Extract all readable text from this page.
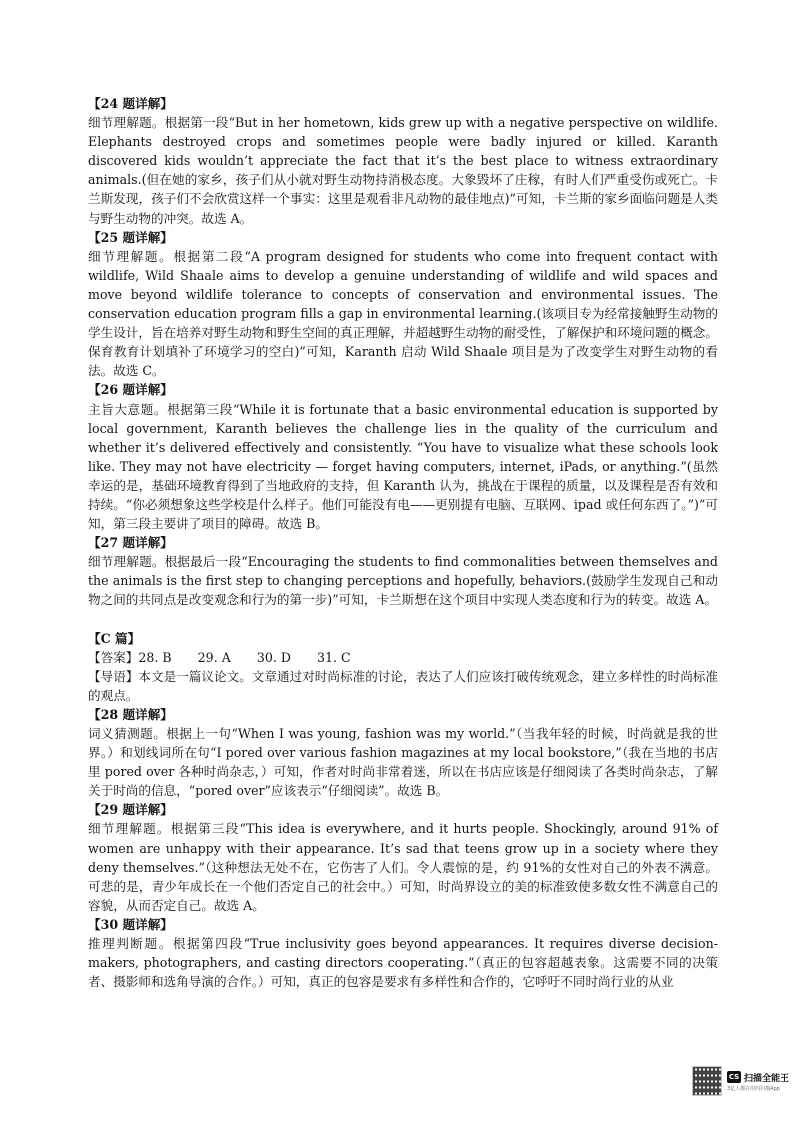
【24 题详解】

细节理解题。根据第一段“But in her hometown, kids grew up with a negative perspective on wildlife. Elephants destroyed crops and sometimes people were badly injured or killed. Karanth discovered kids wouldn’t appreciate the fact that it’s the best place to witness extraordinary animals.(但在她的家乡，孩子们从小就对野生动物持消极态度。大象毁坏了庄稼，有时人们严重受伤或死亡。卡兰斯发现，孩子们不会欣赏这样一个事实：这里是观看非凡动物的最佳地点)”可知，卡兰斯的家乡面临问题是人类与野生动物的冲突。故选 A。

【25 题详解】

细节理解题。根据第二段“A program designed for students who come into frequent contact with wildlife, Wild Shaale aims to develop a genuine understanding of wildlife and wild spaces and move beyond wildlife tolerance to concepts of conservation and environmental issues. The conservation education program fills a gap in environmental learning.(该项目专为经常接触野生动物的学生设计，旨在培养对野生动物和野生空间的真正理解，并超越野生动物的耐受性，了解保护和环境问题的概念。保育教育计划填补了环境学习的空白)”可知，Karanth 启动 Wild Shaale 项目是为了改变学生对野生动物的看法。故选 C。

【26 题详解】

主旨大意题。根据第三段“While it is fortunate that a basic environmental education is supported by local government, Karanth believes the challenge lies in the quality of the curriculum and whether it’s delivered effectively and consistently. “You have to visualize what these schools look like. They may not have electricity — forget having computers, internet, iPads, or anything.”(虽然幸运的是，基础环境教育得到了当地政府的支持，但 Karanth 认为，挑战在于课程的质量，以及课程是否有效和持续。“你必须想象这些学校是什么样子。他们可能没有电——更别提有电脑、互联网、ipad 或任何东西了。”)”可知，第三段主要讲了项目的障碍。故选 B。

【27 题详解】

细节理解题。根据最后一段“Encouraging the students to find commonalities between themselves and the animals is the first step to changing perceptions and hopefully, behaviors.(鼓励学生发现自己和动物之间的共同点是改变观念和行为的第一步)”可知，卡兰斯想在这个项目中实现人类态度和行为的转变。故选 A。

【C 篇】

【答案】28. B 29. A 30. D 31. C

【导语】本文是一篇议论文。文章通过对时尚标准的讨论，表达了人们应该打破传统观念，建立多样性的时尚标准的观点。

【28 题详解】

词义猜测题。根据上一句“When I was young, fashion was my world.”（当我年轻的时候，时尚就是我的世界。）和划线词所在句“I pored over various fashion magazines at my local bookstore,”（我在当地的书店里 pored over 各种时尚杂志，）可知，作者对时尚非常着迷，所以在书店应该是仔细阅读了各类时尚杂志，了解关于时尚的信息，“pored over”应该表示“仔细阅读”。故选 B。

【29 题详解】

细节理解题。根据第三段“This idea is everywhere, and it hurts people. Shockingly, around 91% of women are unhappy with their appearance. It’s sad that teens grow up in a society where they deny themselves.”（这种想法无处不在，它伤害了人们。令人震惊的是，约 91%的女性对自己的外表不满意。可悲的是，青少年成长在一个他们否定自己的社会中。）可知，时尚界设立的美的标准致使多数女性不满意自己的容貌，从而否定自己。故选 A。

【30 题详解】

推理判断题。根据第四段“True inclusivity goes beyond appearances. It requires diverse decision-makers, photographers, and casting directors cooperating.”（真正的包容超越表象。这需要不同的决策者、摄影师和选角导演的合作。）可知，真正的包容是要求有多样性和合作的，它呼吁不同时尚行业的从业

CS 扫描全能王
3亿人都在用的扫描App
